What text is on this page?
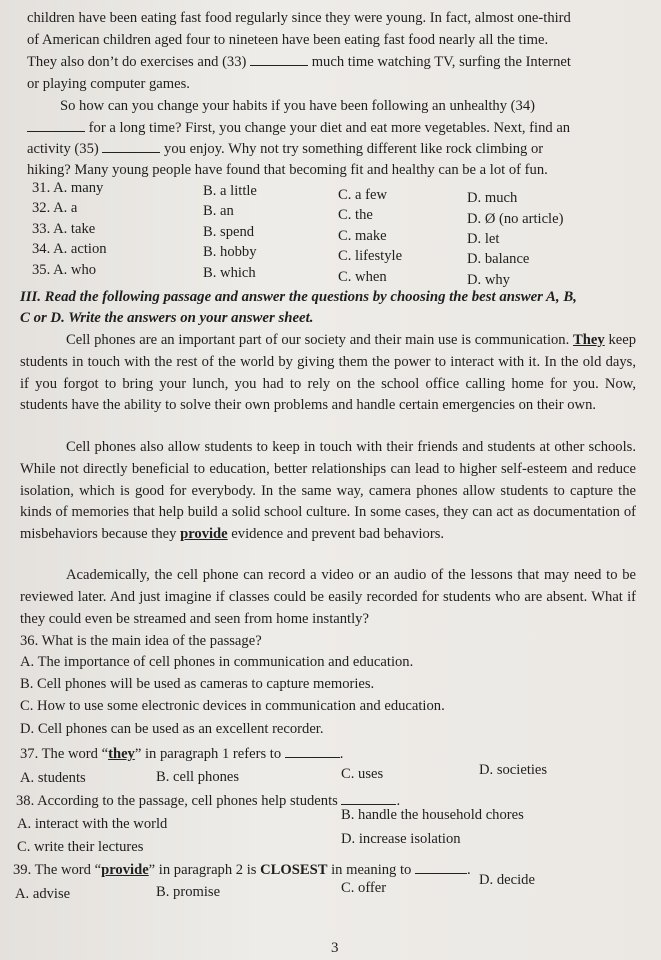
children have been eating fast food regularly since they were young. In fact, almost one-third
of American children aged four to nineteen have been eating fast food nearly all the time.
They also don’t do exercises and (33)	much time watching TV, surfing the Internet
or playing computer games.
So how can you change your habits if you have been following an unhealthy (34)
for a long time? First, you change your diet and eat more vegetables. Next, find an
activity (35)	you enjoy. Why not try something different like rock climbing or
hiking? Many young people have found that becoming fit and healthy can be a lot of fun.
31. A. many	B. a little	C. a few	D. much
32. A. a	B. an	C. the	D. Ø (no article)
33. A. take	B. spend	C. make	D. let
34. A. action	B. hobby	C. lifestyle	D. balance
35. A. who	B. which	C. when	D. why
III. Read the following passage and answer the questions by choosing the best answer A, B,
C or D. Write the answers on your answer sheet.
Cell phones are an important part of our society and their main use is communication. They keep students in touch with the rest of the world by giving them the power to interact with it. In the old days, if you forgot to bring your lunch, you had to rely on the school office calling home for you. Now, students have the ability to solve their own problems and handle certain emergencies on their own.
Cell phones also allow students to keep in touch with their friends and students at other schools. While not directly beneficial to education, better relationships can lead to higher self-esteem and reduce isolation, which is good for everybody. In the same way, camera phones allow students to capture the kinds of memories that help build a solid school culture. In some cases, they can act as documentation of misbehaviors because they provide evidence and prevent bad behaviors.
Academically, the cell phone can record a video or an audio of the lessons that may need to be reviewed later. And just imagine if classes could be easily recorded for students who are absent. What if they could even be streamed and seen from home instantly?
36. What is the main idea of the passage?
A. The importance of cell phones in communication and education.
B. Cell phones will be used as cameras to capture memories.
C. How to use some electronic devices in communication and education.
D. Cell phones can be used as an excellent recorder.
37. The word “they” in paragraph 1 refers to	.
A. students	B. cell phones	C. uses	D. societies
38. According to the passage, cell phones help students	.
A. interact with the world
B. handle the household chores
C. write their lectures	D. increase isolation
39. The word “provide” in paragraph 2 is CLOSEST in meaning to	.
A. advise	B. promise	C. offer	D. decide
3
